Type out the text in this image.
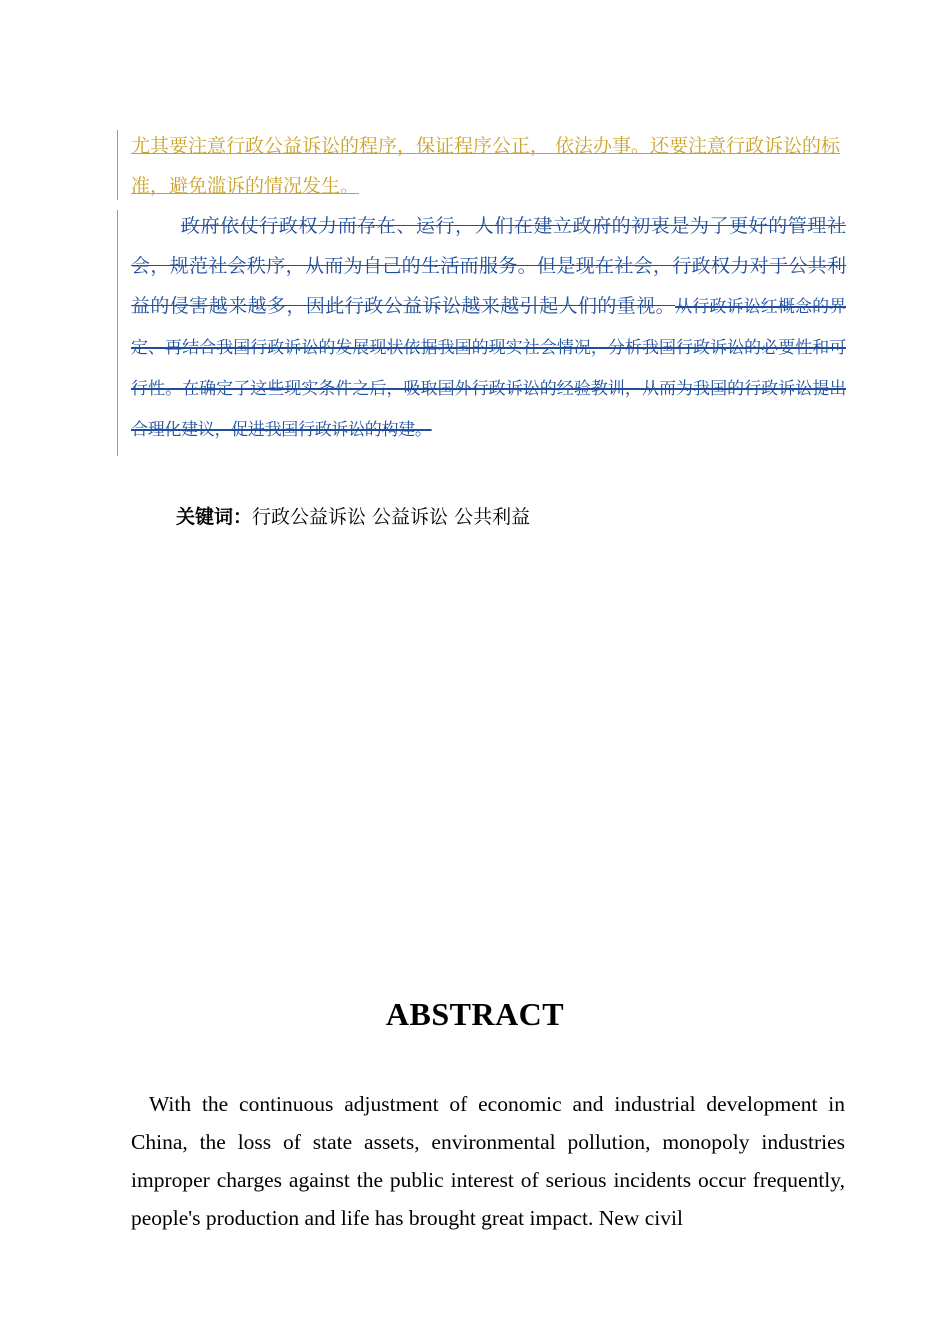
尤其要注意行政公益诉讼的程序，保证程序公正， 依法办事。还要注意行政诉讼的标准，避免滥诉的情况发生。

政府依仗行政权力而存在、运行，人们在建立政府的初衷是为了更好的管理社会，规范社会秩序，从而为自己的生活而服务。但是现在社会，行政权力对于公共利益的侵害越来越多，因此行政公益诉讼越来越引起人们的重视。从行政诉讼红概念的界定、再结合我国行政诉讼的发展现状依据我国的现实社会情况，分析我国行政诉讼的必要性和可行性。在确定了这些现实条件之后，吸取国外行政诉讼的经验教训，从而为我国的行政诉讼提出合理化建议，促进我国行政诉讼的构建。

关键词：行政公益诉讼 公益诉讼 公共利益
ABSTRACT

With the continuous adjustment of economic and industrial development in China, the loss of state assets, environmental pollution, monopoly industries improper charges against the public interest of serious incidents occur frequently, people's production and life has brought great impact. New civil
